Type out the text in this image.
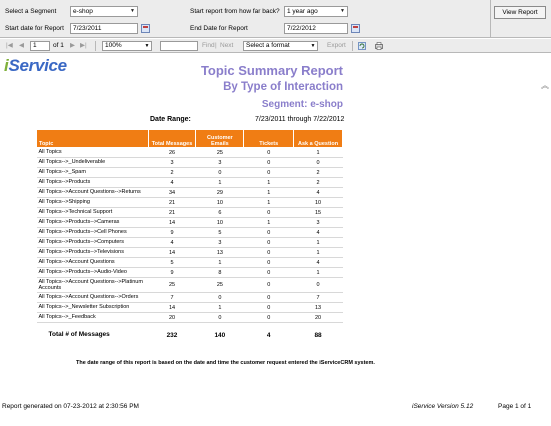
Select a Segment	e-shop	▼
Start date for Report	7/23/2011
Start report from how far back?	1 year ago	▼
End Date for Report	7/22/2012
View Report
|◀ ◀	1	of 1 ▶ ▶|	100%	▼	Find | Next	Select a format	▼ Export
︽
iService	Topic Summary Report
By Type of Interaction
Segment: e-shop
Date Range:	7/23/2011 through 7/22/2012
Topic	Total Messages	Customer Emails	Tickets	Ask a Question
All Topics	26	25	0	1
All Topics-->_Undeliverable	3	3	0	0
All Topics-->_Spam	2	0	0	2
All Topics-->Products	4	1	1	2
All Topics-->Account Questions-->Returns	34	29	1	4
All Topics-->Shipping	21	10	1	10
All Topics-->Technical Support	21	6	0	15
All Topics-->Products-->Cameras	14	10	1	3
All Topics-->Products-->Cell Phones	9	5	0	4
All Topics-->Products-->Computers	4	3	0	1
All Topics-->Products-->Televisions	14	13	0	1
All Topics-->Account Questions	5	1	0	4
All Topics-->Products-->Audio-Video	9	8	0	1
All Topics-->Account Questions-->Platinum Accounts	25	25	0	0
All Topics-->Account Questions-->Orders	7	0	0	7
All Topics-->_Newsletter Subscription	14	1	0	13
All Topics-->_Feedback	20	0	0	20
Total # of Messages	232	140	4	88
The date range of this report is based on the date and time the customer request entered the iServiceCRM system.
Report generated on 07-23-2012 at 2:30:56 PM	iService Version 5.12	Page 1 of 1
